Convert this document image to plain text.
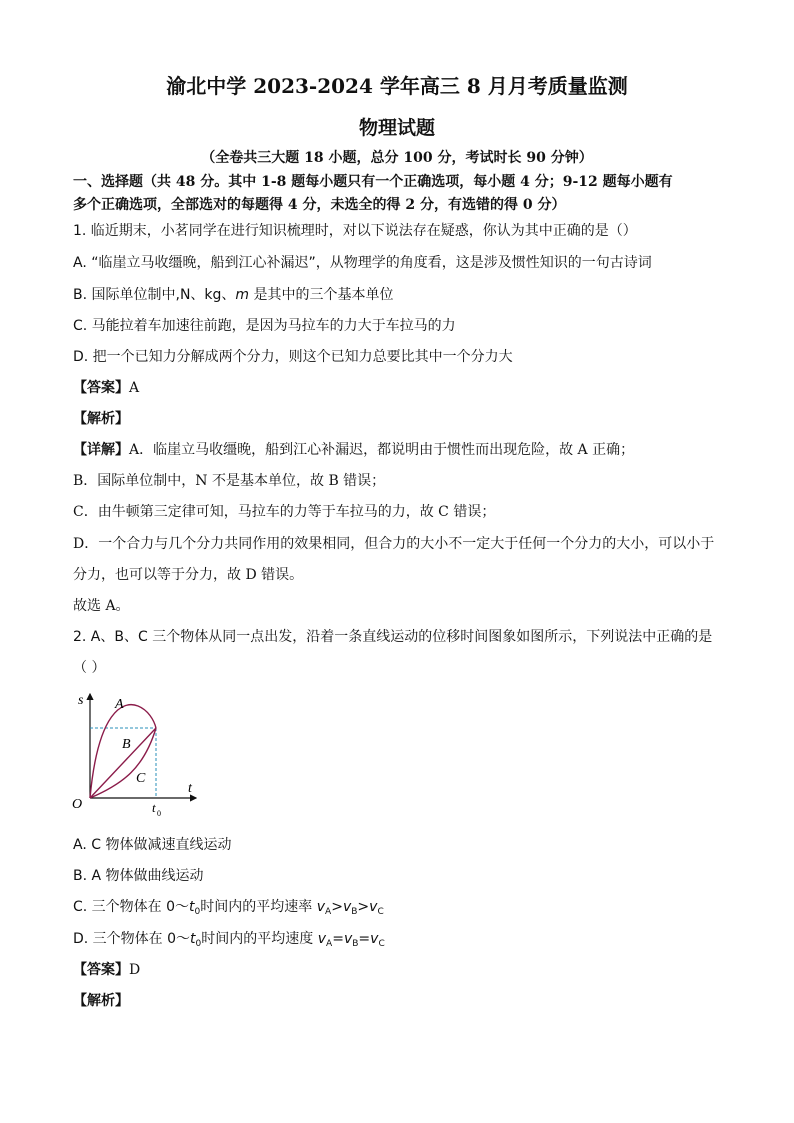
渝北中学 2023-2024 学年高三 8 月月考质量监测
物理试题
（全卷共三大题 18 小题，总分 100 分，考试时长 90 分钟）
一、选择题（共 48 分。其中 1-8 题每小题只有一个正确选项，每小题 4 分；9-12 题每小题有
多个正确选项，全部选对的每题得 4 分，未选全的得 2 分，有选错的得 0 分）
1. 临近期末，小茗同学在进行知识梳理时，对以下说法存在疑惑，你认为其中正确的是（）
A. “临崖立马收缰晚，船到江心补漏迟”，从物理学的角度看，这是涉及惯性知识的一句古诗词
B. 国际单位制中,N、kg、m 是其中的三个基本单位
C. 马能拉着车加速往前跑，是因为马拉车的力大于车拉马的力
D. 把一个已知力分解成两个分力，则这个已知力总要比其中一个分力大
【答案】A
【解析】
【详解】A．临崖立马收缰晚，船到江心补漏迟，都说明由于惯性而出现危险，故 A 正确；
B．国际单位制中，N 不是基本单位，故 B 错误；
C．由牛顿第三定律可知，马拉车的力等于车拉马的力，故 C 错误；
D．一个合力与几个分力共同作用的效果相同，但合力的大小不一定大于任何一个分力的大小，可以小于
分力，也可以等于分力，故 D 错误。
故选 A。
2. A、B、C 三个物体从同一点出发，沿着一条直线运动的位移时间图象如图所示，下列说法中正确的是
（ ）
s
t
O	t 0
A
B
C
A. C 物体做减速直线运动
B. A 物体做曲线运动
C. 三个物体在 $0\sim t_0$时间内的平均速率 $v_A>v_B>v_C$
D. 三个物体在 $0\sim t_0$时间内的平均速度 $v_A=v_B=v_C$
【答案】D
【解析】
